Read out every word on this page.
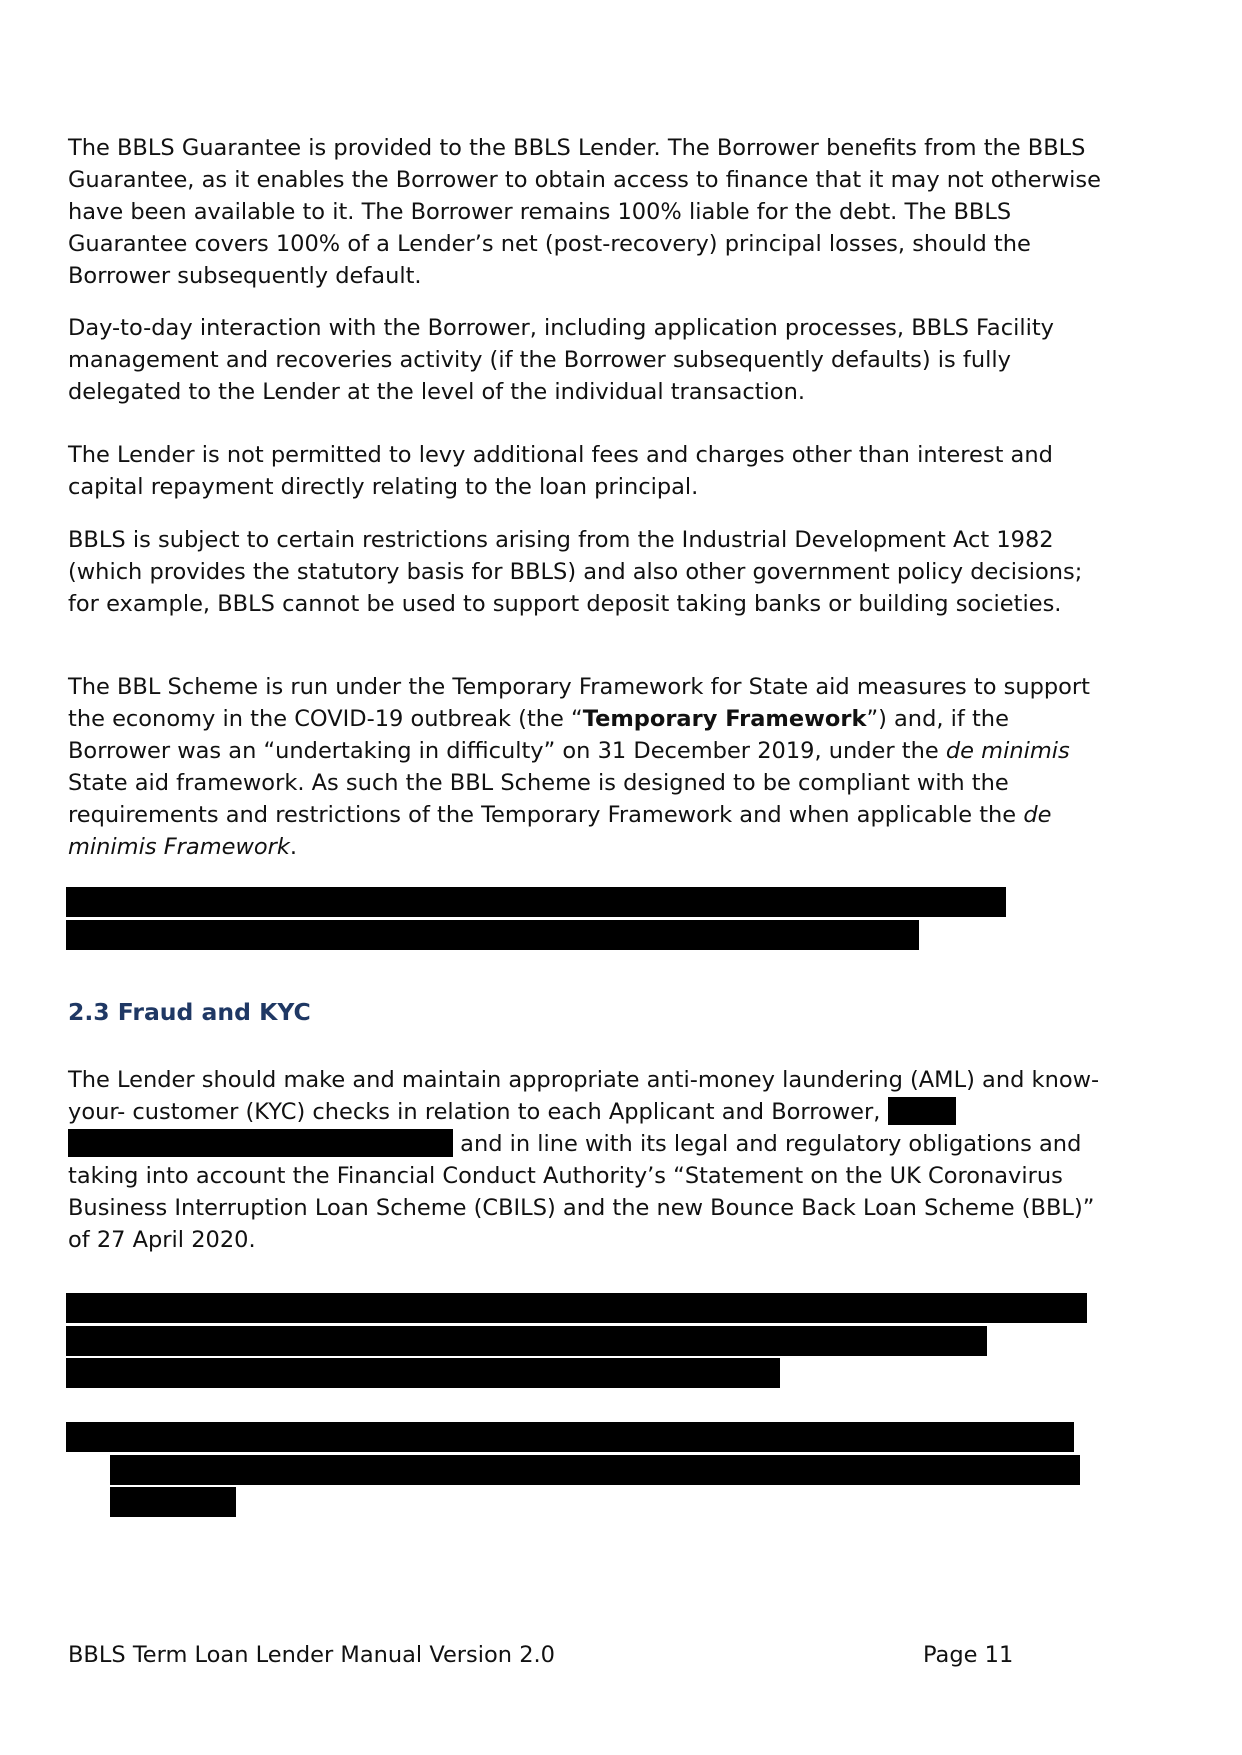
The BBLS Guarantee is provided to the BBLS Lender. The Borrower benefits from the BBLS Guarantee, as it enables the Borrower to obtain access to finance that it may not otherwise have been available to it. The Borrower remains 100% liable for the debt. The BBLS Guarantee covers 100% of a Lender’s net (post-recovery) principal losses, should the Borrower subsequently default.

Day-to-day interaction with the Borrower, including application processes, BBLS Facility management and recoveries activity (if the Borrower subsequently defaults) is fully delegated to the Lender at the level of the individual transaction.

The Lender is not permitted to levy additional fees and charges other than interest and capital repayment directly relating to the loan principal.

BBLS is subject to certain restrictions arising from the Industrial Development Act 1982 (which provides the statutory basis for BBLS) and also other government policy decisions; for example, BBLS cannot be used to support deposit taking banks or building societies.

The BBL Scheme is run under the Temporary Framework for State aid measures to support the economy in the COVID-19 outbreak (the “Temporary Framework”) and, if the Borrower was an “undertaking in difficulty” on 31 December 2019, under the de minimis State aid framework. As such the BBL Scheme is designed to be compliant with the requirements and restrictions of the Temporary Framework and when applicable the de minimis Framework.

2.3 Fraud and KYC

The Lender should make and maintain appropriate anti-money laundering (AML) and know-your- customer (KYC) checks in relation to each Applicant and Borrower,   and in line with its legal and regulatory obligations and taking into account the Financial Conduct Authority’s “Statement on the UK Coronavirus Business Interruption Loan Scheme (CBILS) and the new Bounce Back Loan Scheme (BBL)” of 27 April 2020.

BBLS Term Loan Lender Manual Version 2.0	Page 11
